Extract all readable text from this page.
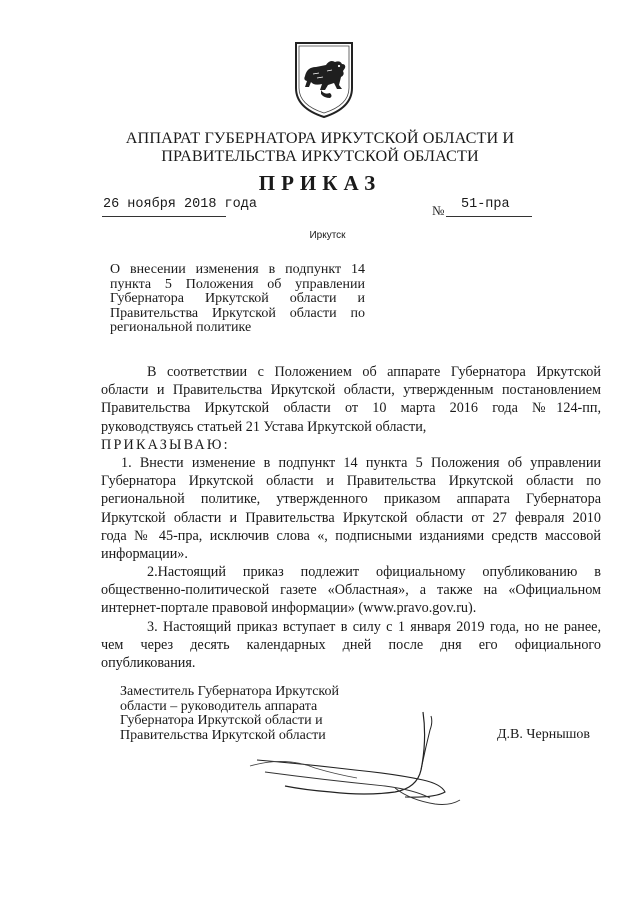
АППАРАТ ГУБЕРНАТОРА ИРКУТСКОЙ ОБЛАСТИ И
ПРАВИТЕЛЬСТВА ИРКУТСКОЙ ОБЛАСТИ
ПРИКАЗ
26 ноября 2018 года	№ 51-пра
Иркутск
О внесении изменения в подпункт 14
пункта 5 Положения об управлении
Губернатора Иркутской области и
Правительства Иркутской области по
региональной политике
В соответствии с Положением об аппарате Губернатора Иркутской
области и Правительства Иркутской области, утвержденным постановлением
Правительства Иркутской области от 10 марта 2016 года №124-пп,
руководствуясь статьей 21 Устава Иркутской области,
ПРИКАЗЫВАЮ:
1. Внести изменение в подпункт 14 пункта 5 Положения об управлении
Губернатора Иркутской области и Правительства Иркутской области по
региональной политике, утвержденного приказом аппарата Губернатора
Иркутской области и Правительства Иркутской области от 27 февраля 2010
года № 45-пра, исключив слова «, подписными изданиями средств массовой
информации».
2.Настоящий приказ подлежит официальному опубликованию в
общественно-политической газете «Областная», а также на «Официальном
интернет-портале правовой информации» (www.pravo.gov.ru).
3. Настоящий приказ вступает в силу с 1 января 2019 года, но не ранее,
чем через десять календарных дней после дня его официального
опубликования.
Заместитель Губернатора Иркутской
области – руководитель аппарата
Губернатора Иркутской области и
Правительства Иркутской области	Д.В. Чернышов
